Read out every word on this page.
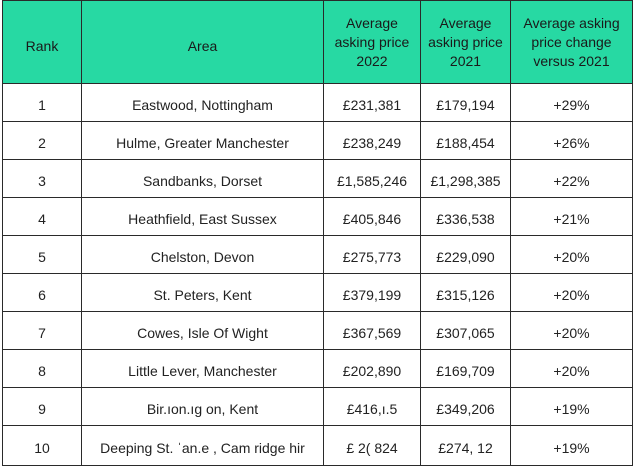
Rank	Area	Average asking price 2022	Average asking price 2021	Average asking price change versus 2021
1	Eastwood, Nottingham	£231,381	£179,194	+29%
2	Hulme, Greater Manchester	£238,249	£188,454	+26%
3	Sandbanks, Dorset	£1,585,246	£1,298,385	+22%
4	Heathfield, East Sussex	£405,846	£336,538	+21%
5	Chelston, Devon	£275,773	£229,090	+20%
6	St. Peters, Kent	£379,199	£315,126	+20%
7	Cowes, Isle Of Wight	£367,569	£307,065	+20%
8	Little Lever, Manchester	£202,890	£169,709	+20%
9	Bir.ıon.ıg on, Kent	£416,ı.5	£349,206	+19%
10	Deeping St. ˈan.e , Cam ridge hir	£ 2( 824	£274, 12	+19%
